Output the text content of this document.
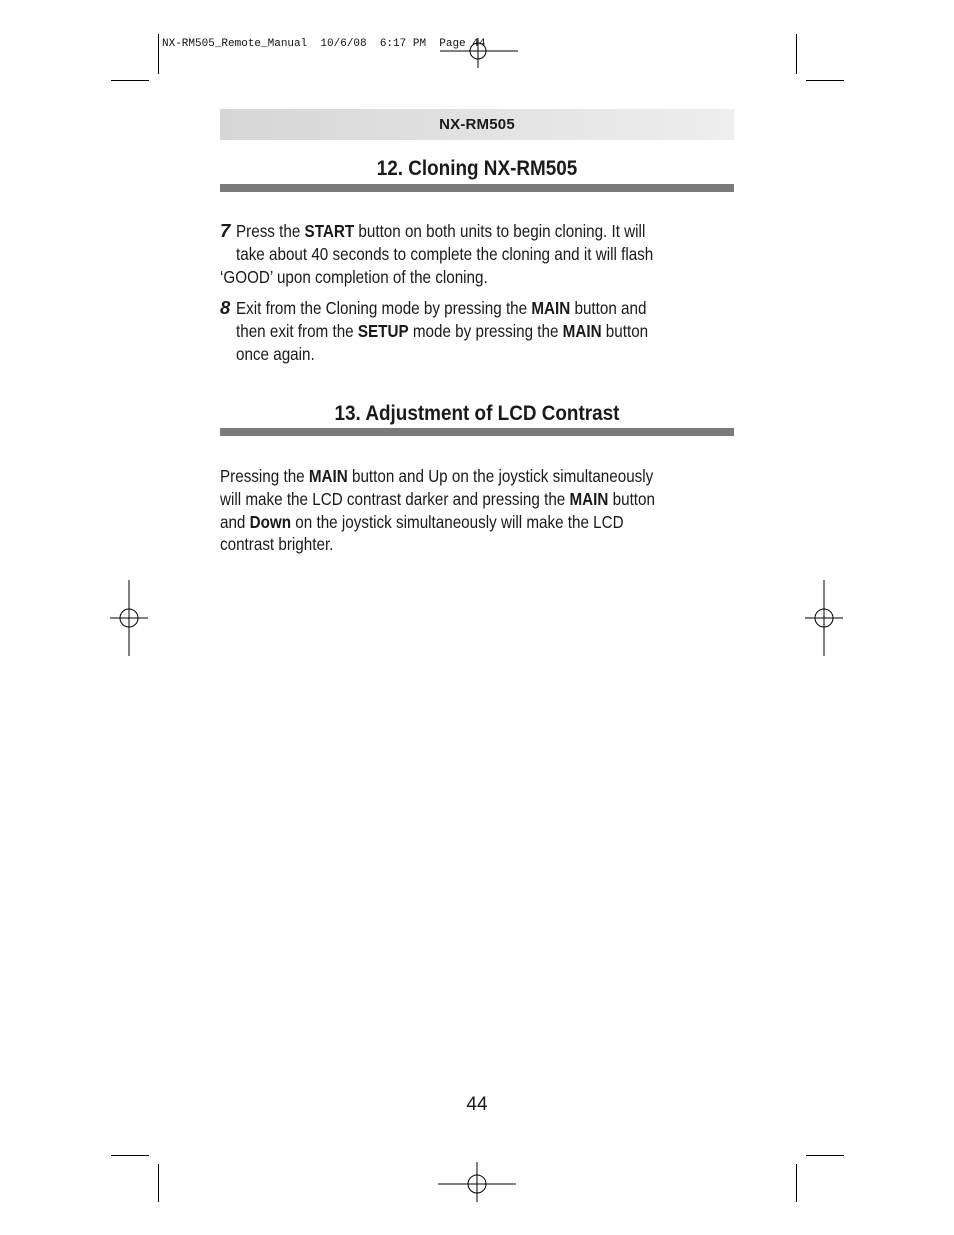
NX-RM505_Remote_Manual  10/6/08  6:17 PM  Page 44
NX-RM505
12. Cloning NX-RM505
7 Press the START button on both units to begin cloning. It will
take about 40 seconds to complete the cloning and it will flash
‘GOOD’ upon completion of the cloning.
8 Exit from the Cloning mode by pressing the MAIN button and
then exit from the SETUP mode by pressing the MAIN button
once again.
13. Adjustment of LCD Contrast
Pressing the MAIN button and Up on the joystick simultaneously
will make the LCD contrast darker and pressing the MAIN button
and Down on the joystick simultaneously will make the LCD
contrast brighter.
44
